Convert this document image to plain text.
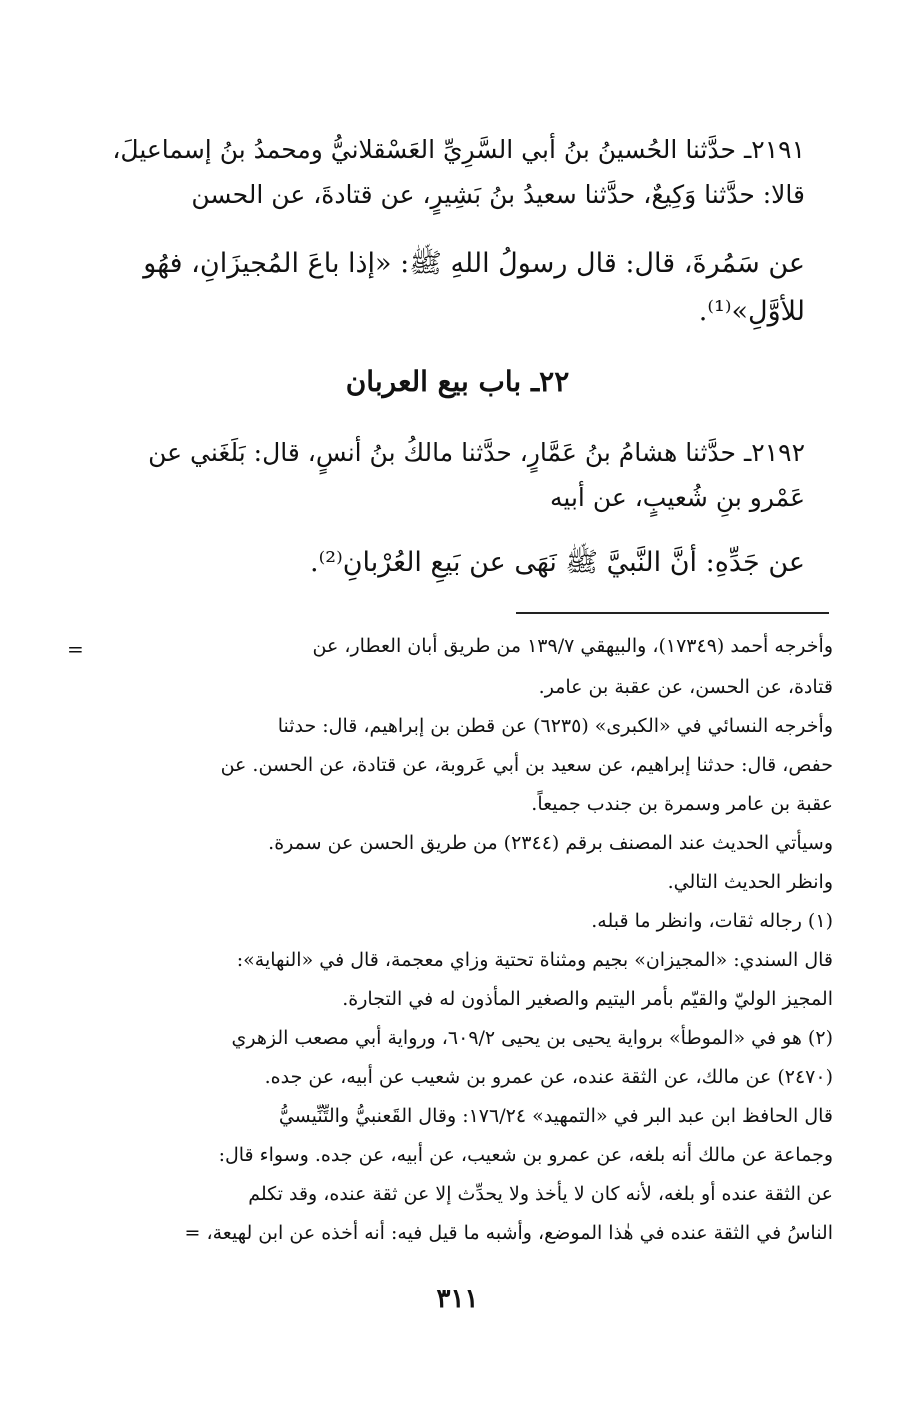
٢١٩١ـ حدَّثنا الحُسينُ بنُ أبي السَّرِيِّ العَسْقلانيُّ ومحمدُ بنُ إسماعيلَ،
قالا: حدَّثنا وَكِيعٌ، حدَّثنا سعيدُ بنُ بَشِيرٍ، عن قتادةَ، عن الحسن
عن سَمُرةَ، قال: قال رسولُ اللهِ ﷺ: «إذا باعَ المُجيزَانِ، فهُو
للأوَّلِ»⁽¹⁾.
٢٢ـ باب بيع العربان
٢١٩٢ـ حدَّثنا هشامُ بنُ عَمَّارٍ، حدَّثنا مالكُ بنُ أنسٍ، قال: بَلَغَني عن
عَمْرو بنِ شُعيبٍ، عن أبيه
عن جَدِّهِ: أنَّ النَّبيَّ ﷺ نَهَى عن بَيعِ العُرْبانِ⁽²⁾.
=	وأخرجه أحمد (١٧٣٤٩)، والبيهقي ١٣٩/٧ من طريق أبان العطار، عن
قتادة، عن الحسن، عن عقبة بن عامر.
وأخرجه النسائي في «الكبرى» (٦٢٣٥) عن قطن بن إبراهيم، قال: حدثنا
حفص، قال: حدثنا إبراهيم، عن سعيد بن أبي عَروبة، عن قتادة، عن الحسن. عن
عقبة بن عامر وسمرة بن جندب جميعاً.
وسيأتي الحديث عند المصنف برقم (٢٣٤٤) من طريق الحسن عن سمرة.
وانظر الحديث التالي.
(١) رجاله ثقات، وانظر ما قبله.
قال السندي: «المجيزان» بجيم ومثناة تحتية وزاي معجمة، قال في «النهاية»:
المجيز الوليّ والقيّم بأمر اليتيم والصغير المأذون له في التجارة.
(٢) هو في «الموطأ» برواية يحيى بن يحيى ٦٠٩/٢، ورواية أبي مصعب الزهري
(٢٤٧٠) عن مالك، عن الثقة عنده، عن عمرو بن شعيب عن أبيه، عن جده.
قال الحافظ ابن عبد البر في «التمهيد» ١٧٦/٢٤: وقال القَعنبيُّ والتِّنِّيسيُّ
وجماعة عن مالك أنه بلغه، عن عمرو بن شعيب، عن أبيه، عن جده. وسواء قال:
عن الثقة عنده أو بلغه، لأنه كان لا يأخذ ولا يحدِّث إلا عن ثقة عنده، وقد تكلم
الناسُ في الثقة عنده في هٰذا الموضع، وأشبه ما قيل فيه: أنه أخذه عن ابن لهيعة، =
٣١١
